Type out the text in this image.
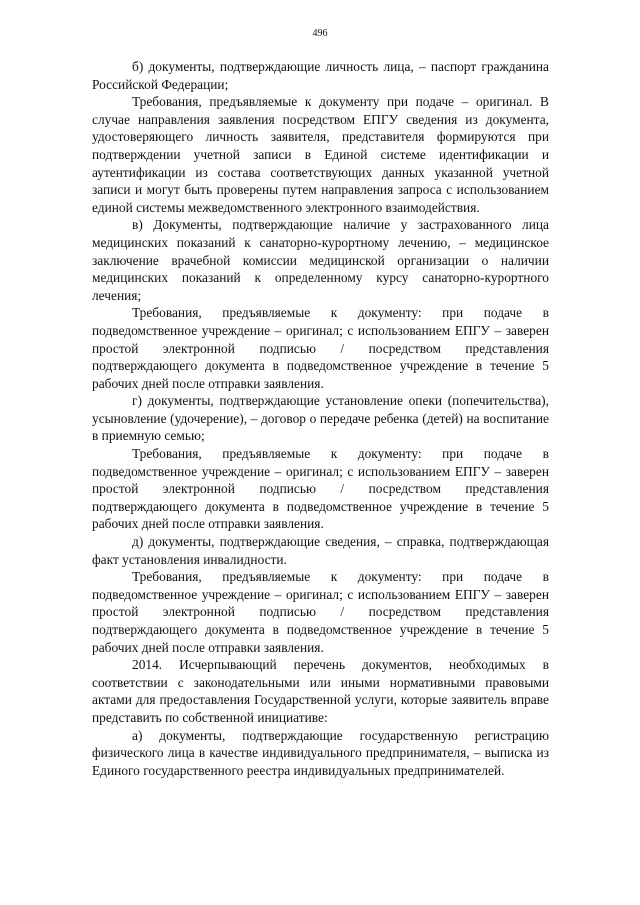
496

б) документы, подтверждающие личность лица, – паспорт гражданина Российской Федерации;

Требования, предъявляемые к документу при подаче – оригинал. В случае направления заявления посредством ЕПГУ сведения из документа, удостоверяющего личность заявителя, представителя формируются при подтверждении учетной записи в Единой системе идентификации и аутентификации из состава соответствующих данных указанной учетной записи и могут быть проверены путем направления запроса с использованием единой системы межведомственного электронного взаимодействия.

в) Документы, подтверждающие наличие у застрахованного лица медицинских показаний к санаторно-курортному лечению, – медицинское заключение врачебной комиссии медицинской организации о наличии медицинских показаний к определенному курсу санаторно-курортного лечения;

Требования, предъявляемые к документу: при подаче в подведомственное учреждение – оригинал; с использованием ЕПГУ – заверен простой электронной подписью / посредством представления подтверждающего документа в подведомственное учреждение в течение 5 рабочих дней после отправки заявления.

г) документы, подтверждающие установление опеки (попечительства), усыновление (удочерение), – договор о передаче ребенка (детей) на воспитание в приемную семью;

Требования, предъявляемые к документу: при подаче в подведомственное учреждение – оригинал; с использованием ЕПГУ – заверен простой электронной подписью / посредством представления подтверждающего документа в подведомственное учреждение в течение 5 рабочих дней после отправки заявления.

д) документы, подтверждающие сведения, – справка, подтверждающая факт установления инвалидности.

Требования, предъявляемые к документу: при подаче в подведомственное учреждение – оригинал; с использованием ЕПГУ – заверен простой электронной подписью / посредством представления подтверждающего документа в подведомственное учреждение в течение 5 рабочих дней после отправки заявления.

2014. Исчерпывающий перечень документов, необходимых в соответствии с законодательными или иными нормативными правовыми актами для предоставления Государственной услуги, которые заявитель вправе представить по собственной инициативе:

а) документы, подтверждающие государственную регистрацию физического лица в качестве индивидуального предпринимателя, – выписка из Единого государственного реестра индивидуальных предпринимателей.
